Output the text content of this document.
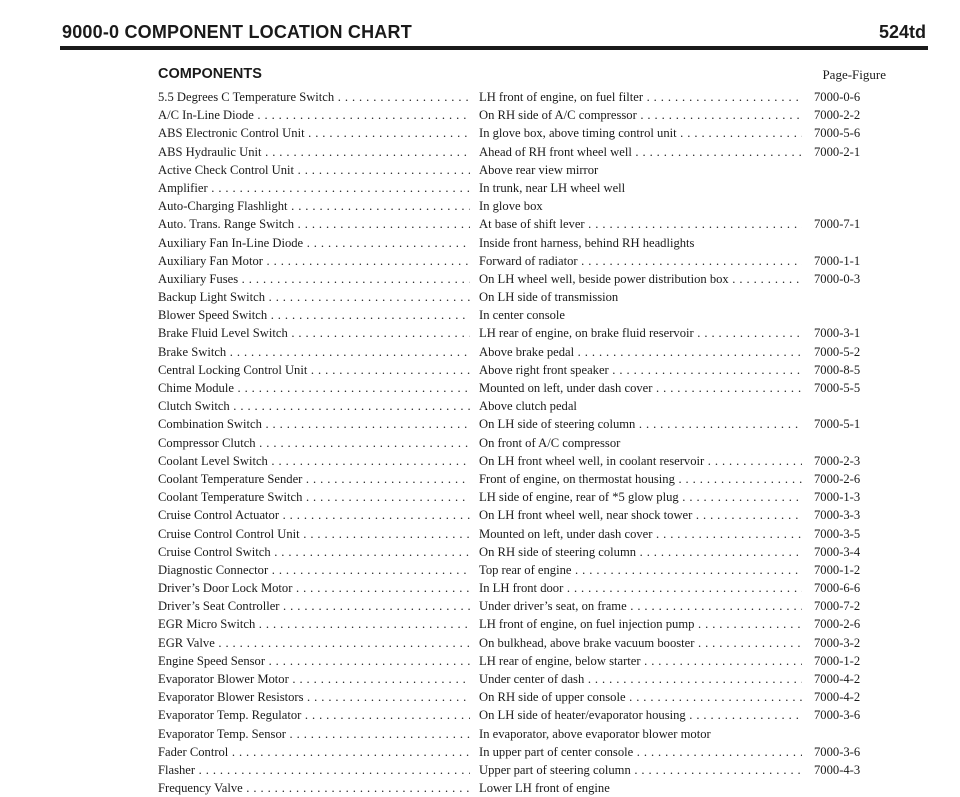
9000-0 COMPONENT LOCATION CHART	524td
COMPONENTS	Page-Figure
5.5 Degrees C Temperature Switch . . .	LH front of engine, on fuel filter . . .	7000-0-6
A/C In-Line Diode . . .	On RH side of A/C compressor . . .	7000-2-2
ABS Electronic Control Unit . . .	In glove box, above timing control unit . . .	7000-5-6
ABS Hydraulic Unit . . .	Ahead of RH front wheel well . . .	7000-2-1
Active Check Control Unit . . .	Above rear view mirror
Amplifier . . .	In trunk, near LH wheel well
Auto-Charging Flashlight . . .	In glove box
Auto. Trans. Range Switch . . .	At base of shift lever . . .	7000-7-1
Auxiliary Fan In-Line Diode . . .	Inside front harness, behind RH headlights
Auxiliary Fan Motor . . .	Forward of radiator . . .	7000-1-1
Auxiliary Fuses . . .	On LH wheel well, beside power distribution box . . .	7000-0-3
Backup Light Switch . . .	On LH side of transmission
Blower Speed Switch . . .	In center console
Brake Fluid Level Switch . . .	LH rear of engine, on brake fluid reservoir . . .	7000-3-1
Brake Switch . . .	Above brake pedal . . .	7000-5-2
Central Locking Control Unit . . .	Above right front speaker . . .	7000-8-5
Chime Module . . .	Mounted on left, under dash cover . . .	7000-5-5
Clutch Switch . . .	Above clutch pedal
Combination Switch . . .	On LH side of steering column . . .	7000-5-1
Compressor Clutch . . .	On front of A/C compressor
Coolant Level Switch . . .	On LH front wheel well, in coolant reservoir . . .	7000-2-3
Coolant Temperature Sender . . .	Front of engine, on thermostat housing . . .	7000-2-6
Coolant Temperature Switch . . .	LH side of engine, rear of *5 glow plug . . .	7000-1-3
Cruise Control Actuator . . .	On LH front wheel well, near shock tower . . .	7000-3-3
Cruise Control Control Unit . . .	Mounted on left, under dash cover . . .	7000-3-5
Cruise Control Switch . . .	On RH side of steering column . . .	7000-3-4
Diagnostic Connector . . .	Top rear of engine . . .	7000-1-2
Driver’s Door Lock Motor . . .	In LH front door . . .	7000-6-6
Driver’s Seat Controller . . .	Under driver’s seat, on frame . . .	7000-7-2
EGR Micro Switch . . .	LH front of engine, on fuel injection pump . . .	7000-2-6
EGR Valve . . .	On bulkhead, above brake vacuum booster . . .	7000-3-2
Engine Speed Sensor . . .	LH rear of engine, below starter . . .	7000-1-2
Evaporator Blower Motor . . .	Under center of dash . . .	7000-4-2
Evaporator Blower Resistors . . .	On RH side of upper console . . .	7000-4-2
Evaporator Temp. Regulator . . .	On LH side of heater/evaporator housing . . .	7000-3-6
Evaporator Temp. Sensor . . .	In evaporator, above evaporator blower motor
Fader Control . . .	In upper part of center console . . .	7000-3-6
Flasher . . .	Upper part of steering column . . .	7000-4-3
Frequency Valve . . .	Lower LH front of engine
